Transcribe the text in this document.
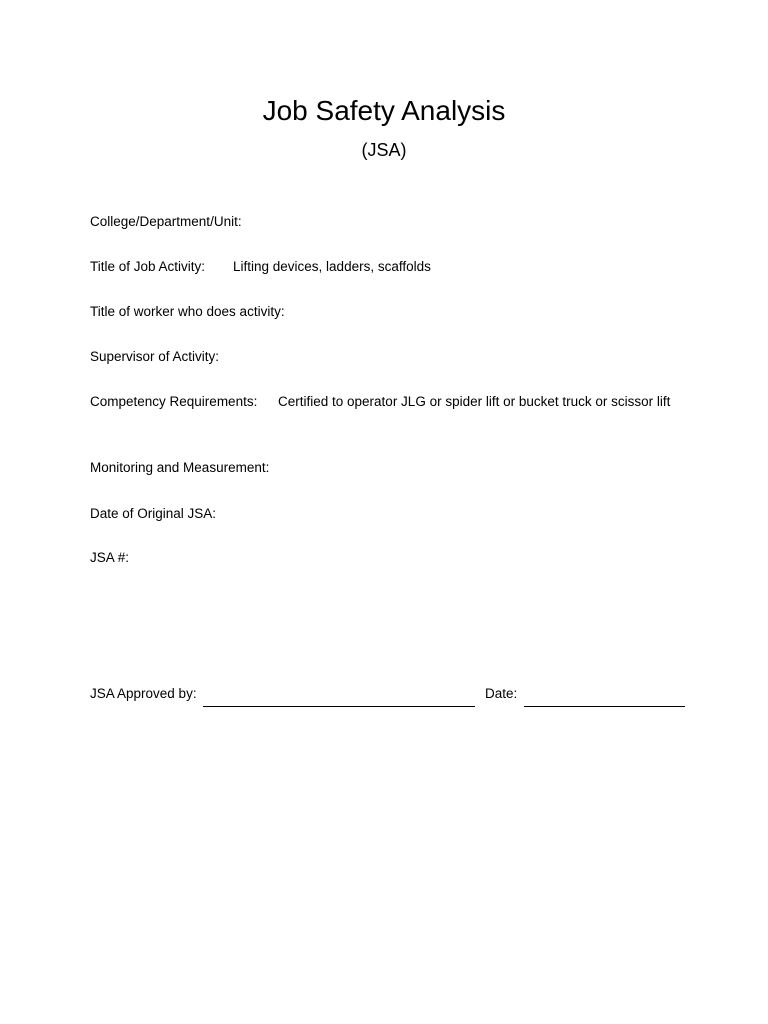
Job Safety Analysis
(JSA)
College/Department/Unit:
Title of Job Activity: Lifting devices, ladders, scaffolds
Title of worker who does activity:
Supervisor of Activity:
Competency Requirements: Certified to operator JLG or spider lift or bucket truck or scissor lift
Monitoring and Measurement:
Date of Original JSA:
JSA #:
JSA Approved by:	Date:
